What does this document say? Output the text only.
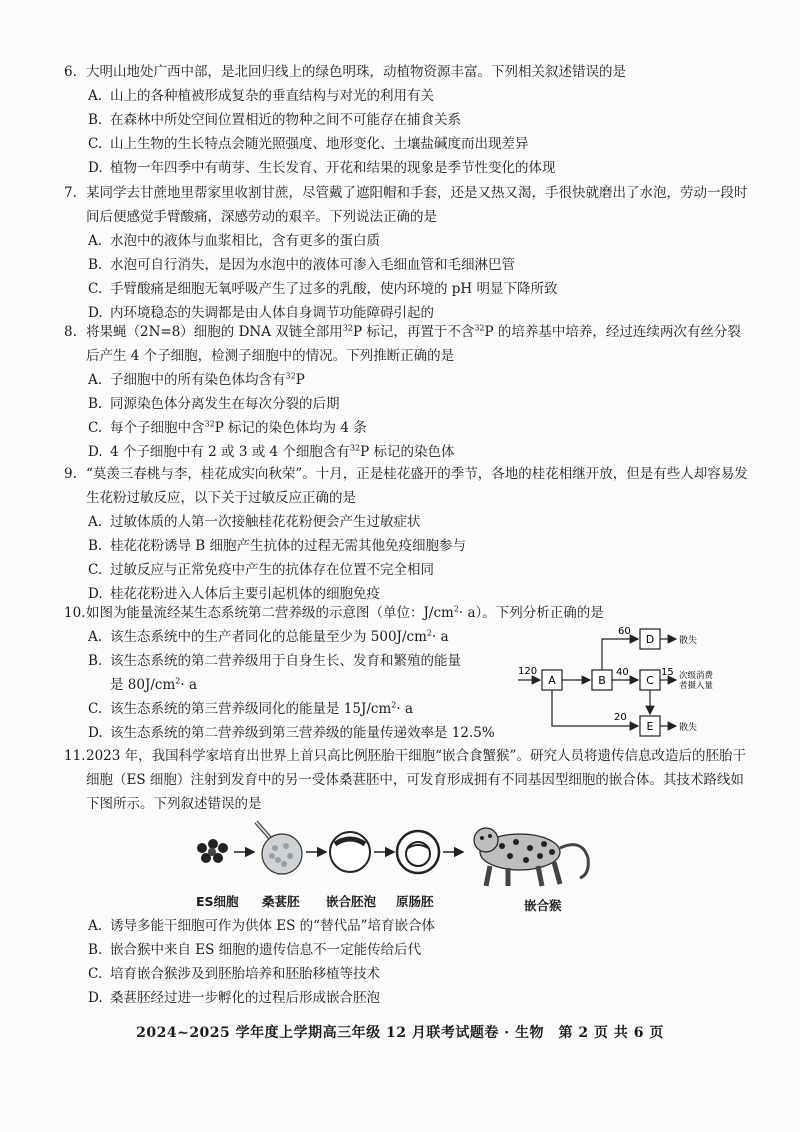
6. 大明山地处广西中部，是北回归线上的绿色明珠，动植物资源丰富。下列相关叙述错误的是

A. 山上的各种植被形成复杂的垂直结构与对光的利用有关

B. 在森林中所处空间位置相近的物种之间不可能存在捕食关系

C. 山上生物的生长特点会随光照强度、地形变化、土壤盐碱度而出现差异

D. 植物一年四季中有萌芽、生长发育、开花和结果的现象是季节性变化的体现

7. 某同学去甘蔗地里帮家里收割甘蔗，尽管戴了遮阳帽和手套，还是又热又渴，手很快就磨出了水泡，劳动一段时间后便感觉手臂酸痛，深感劳动的艰辛。下列说法正确的是

A. 水泡中的液体与血浆相比，含有更多的蛋白质

B. 水泡可自行消失，是因为水泡中的液体可渗入毛细血管和毛细淋巴管

C. 手臂酸痛是细胞无氧呼吸产生了过多的乳酸，使内环境的 pH 明显下降所致

D. 内环境稳态的失调都是由人体自身调节功能障碍引起的

8. 将果蝇（2N=8）细胞的 DNA 双链全部用$^{32}$P 标记，再置于不含$^{32}$P 的培养基中培养，经过连续两次有丝分裂后产生 4 个子细胞，检测子细胞中的情况。下列推断正确的是

A. 子细胞中的所有染色体均含有$^{32}$P

B. 同源染色体分离发生在每次分裂的后期

C. 每个子细胞中含$^{32}$P 标记的染色体均为 4 条

D. 4 个子细胞中有 2 或 3 或 4 个细胞含有$^{32}$P 标记的染色体

9. “莫羡三春桃与李，桂花成实向秋荣”。十月，正是桂花盛开的季节，各地的桂花相继开放，但是有些人却容易发生花粉过敏反应，以下关于过敏反应正确的是

A. 过敏体质的人第一次接触桂花花粉便会产生过敏症状

B. 桂花花粉诱导 B 细胞产生抗体的过程无需其他免疫细胞参与

C. 过敏反应与正常免疫中产生的抗体存在位置不完全相同

D. 桂花花粉进入人体后主要引起机体的细胞免疫

10.如图为能量流经某生态系统第二营养级的示意图（单位：$J/cm^2\cdot a$）。下列分析正确的是

A. 该生态系统中的生产者同化的总能量至少为 $500J/cm^2\cdot a$

B. 该生态系统的第二营养级用于自身生长、发育和繁殖的能量

是 $80J/cm^2\cdot a$

C. 该生态系统的第三营养级同化的能量是 $15J/cm^2\cdot a$

D. 该生态系统的第二营养级到第三营养级的能量传递效率是 12.5%

120
A	B
60
D	散失
40
C
15 次级消费
者摄入量
20
E	散失

11.2023 年，我国科学家培育出世界上首只高比例胚胎干细胞“嵌合食蟹猴”。研究人员将遗传信息改造后的胚胎干细胞（ES 细胞）注射到发育中的另一受体桑葚胚中，可发育形成拥有不同基因型细胞的嵌合体。其技术路线如下图所示。下列叙述错误的是

ES细胞 桑葚胚 嵌合胚泡 原肠胚	嵌合猴

A. 诱导多能干细胞可作为供体 ES 的“替代品”培育嵌合体

B. 嵌合猴中来自 ES 细胞的遗传信息不一定能传给后代

C. 培育嵌合猴涉及到胚胎培养和胚胎移植等技术

D. 桑葚胚经过进一步孵化的过程后形成嵌合胚泡

2024~2025 学年度上学期高三年级 12 月联考试题卷 · 生物　第 2 页 共 6 页
